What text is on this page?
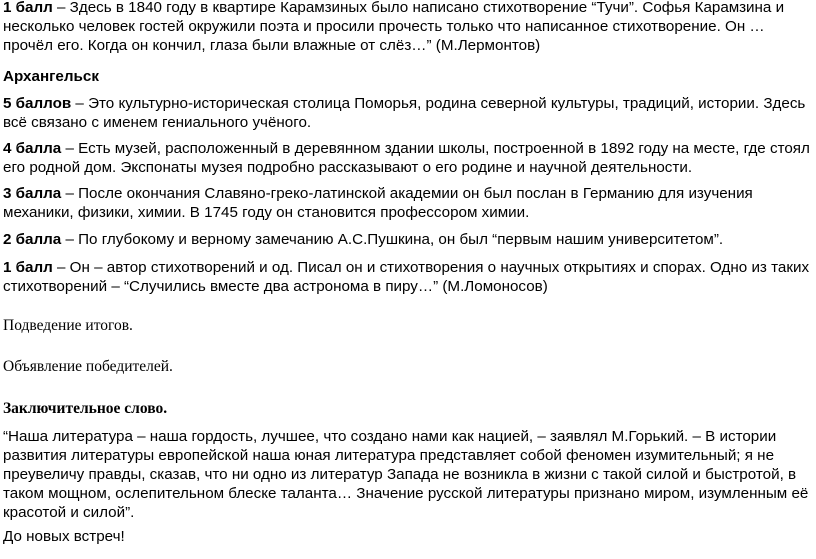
1 балл – Здесь в 1840 году в квартире Карамзиных было написано стихотворение “Тучи”. Софья Карамзина и несколько человек гостей окружили поэта и просили прочесть только что написанное стихотворение. Он … прочёл его. Когда он кончил, глаза были влажные от слёз…” (М.Лермонтов)

Архангельск

5 баллов – Это культурно-историческая столица Поморья, родина северной культуры, традиций, истории. Здесь всё связано с именем гениального учёного.

4 балла – Есть музей, расположенный в деревянном здании школы, построенной в 1892 году на месте, где стоял его родной дом. Экспонаты музея подробно рассказывают о его родине и научной деятельности.

3 балла – После окончания Славяно-греко-латинской академии он был послан в Германию для изучения механики, физики, химии. В 1745 году он становится профессором химии.

2 балла – По глубокому и верному замечанию А.С.Пушкина, он был “первым нашим университетом”.

1 балл – Он – автор стихотворений и од. Писал он и стихотворения о научных открытиях и спорах. Одно из таких стихотворений – “Случились вместе два астронома в пиру…” (М.Ломоносов)

Подведение итогов.

Объявление победителей.

Заключительное слово.

“Наша литература – наша гордость, лучшее, что создано нами как нацией, – заявлял М.Горький. – В истории развития литературы европейской наша юная литература представляет собой феномен изумительный; я не преувеличу правды, сказав, что ни одно из литератур Запада не возникла в жизни с такой силой и быстротой, в таком мощном, ослепительном блеске таланта… Значение русской литературы признано миром, изумленным её красотой и силой”.

До новых встреч!
